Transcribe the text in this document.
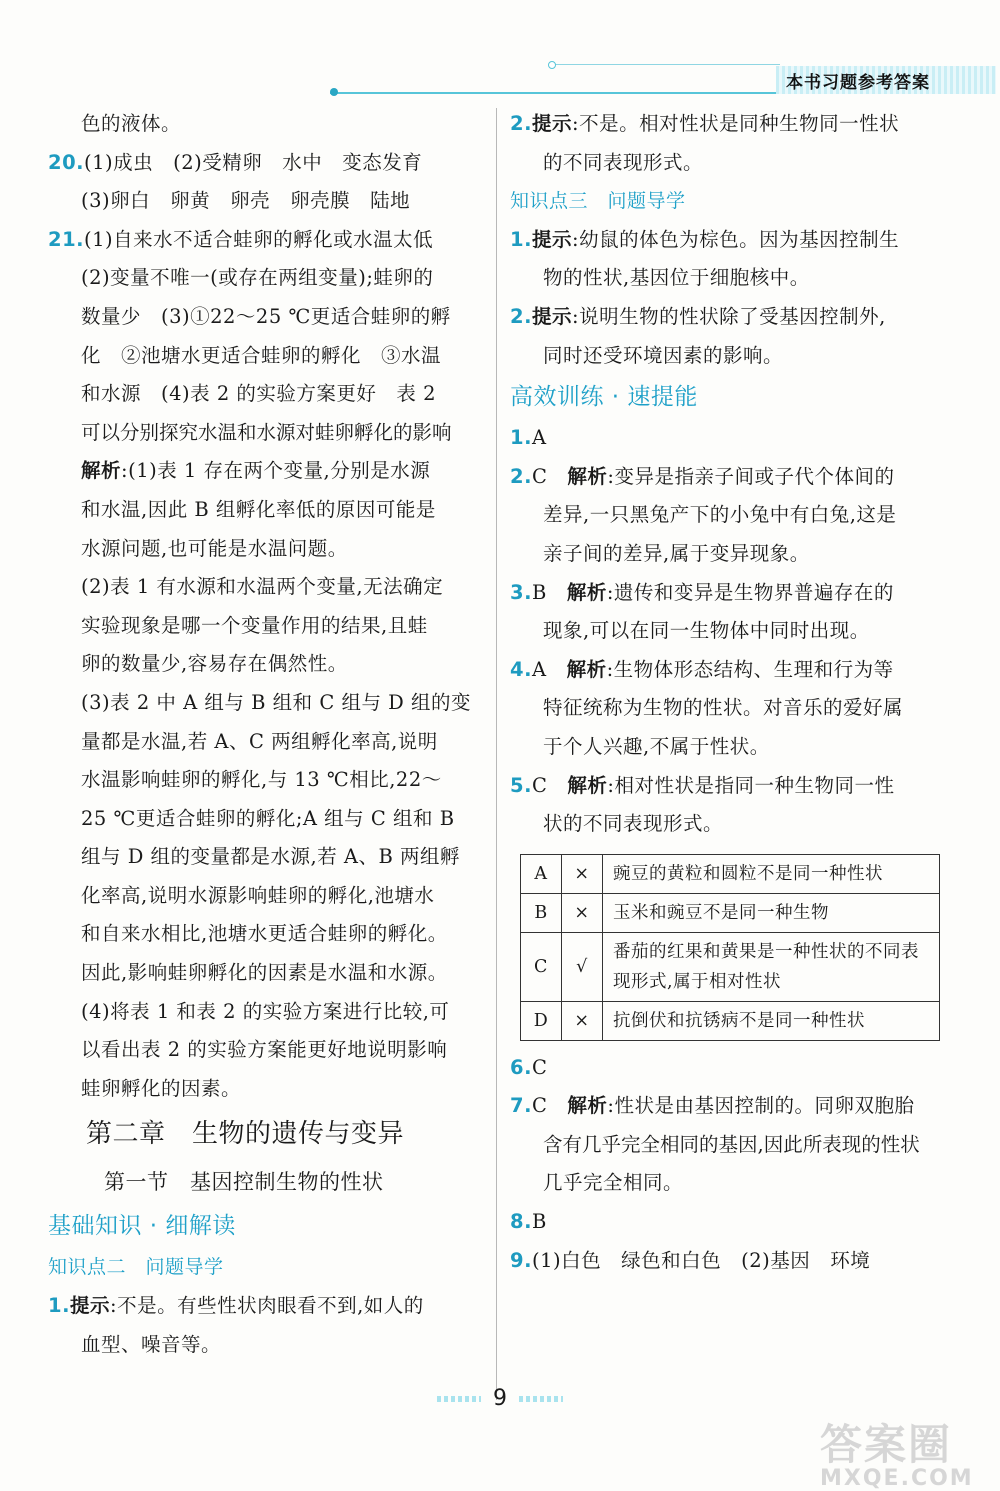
本书习题参考答案

色的液体。

20.(1)成虫　(2)受精卵　水中　变态发育

(3)卵白　卵黄　卵壳　卵壳膜　陆地

21.(1)自来水不适合蛙卵的孵化或水温太低

(2)变量不唯一(或存在两组变量);蛙卵的

数量少　(3)①22～25 ℃更适合蛙卵的孵

化　②池塘水更适合蛙卵的孵化　③水温

和水源　(4)表 2 的实验方案更好　表 2

可以分别探究水温和水源对蛙卵孵化的影响

解析:(1)表 1 存在两个变量,分别是水源

和水温,因此 B 组孵化率低的原因可能是

水源问题,也可能是水温问题。

(2)表 1 有水源和水温两个变量,无法确定

实验现象是哪一个变量作用的结果,且蛙

卵的数量少,容易存在偶然性。

(3)表 2 中 A 组与 B 组和 C 组与 D 组的变

量都是水温,若 A、C 两组孵化率高,说明

水温影响蛙卵的孵化,与 13 ℃相比,22～

25 ℃更适合蛙卵的孵化;A 组与 C 组和 B

组与 D 组的变量都是水源,若 A、B 两组孵

化率高,说明水源影响蛙卵的孵化,池塘水

和自来水相比,池塘水更适合蛙卵的孵化。

因此,影响蛙卵孵化的因素是水温和水源。

(4)将表 1 和表 2 的实验方案进行比较,可

以看出表 2 的实验方案能更好地说明影响

蛙卵孵化的因素。

第二章　生物的遗传与变异

第一节　基因控制生物的性状

基础知识 · 细解读

知识点二　问题导学

1.提示:不是。有些性状肉眼看不到,如人的

血型、噪音等。

2.提示:不是。相对性状是同种生物同一性状

的不同表现形式。

知识点三　问题导学

1.提示:幼鼠的体色为棕色。因为基因控制生

物的性状,基因位于细胞核中。

2.提示:说明生物的性状除了受基因控制外,

同时还受环境因素的影响。

高效训练 · 速提能

1.A

2.C　解析:变异是指亲子间或子代个体间的

差异,一只黑兔产下的小兔中有白兔,这是

亲子间的差异,属于变异现象。

3.B　解析:遗传和变异是生物界普遍存在的

现象,可以在同一生物体中同时出现。

4.A　解析:生物体形态结构、生理和行为等

特征统称为生物的性状。对音乐的爱好属

于个人兴趣,不属于性状。

5.C　解析:相对性状是指同一种生物同一性

状的不同表现形式。

A	×	豌豆的黄粒和圆粒不是同一种性状
B	×	玉米和豌豆不是同一种生物
C	√	番茄的红果和黄果是一种性状的不同表现形式,属于相对性状
D	×	抗倒伏和抗锈病不是同一种性状

6.C

7.C　解析:性状是由基因控制的。同卵双胞胎

含有几乎完全相同的基因,因此所表现的性状

几乎完全相同。

8.B

9.(1)白色　绿色和白色　(2)基因　环境

9
答案圈
MXQE.COM
